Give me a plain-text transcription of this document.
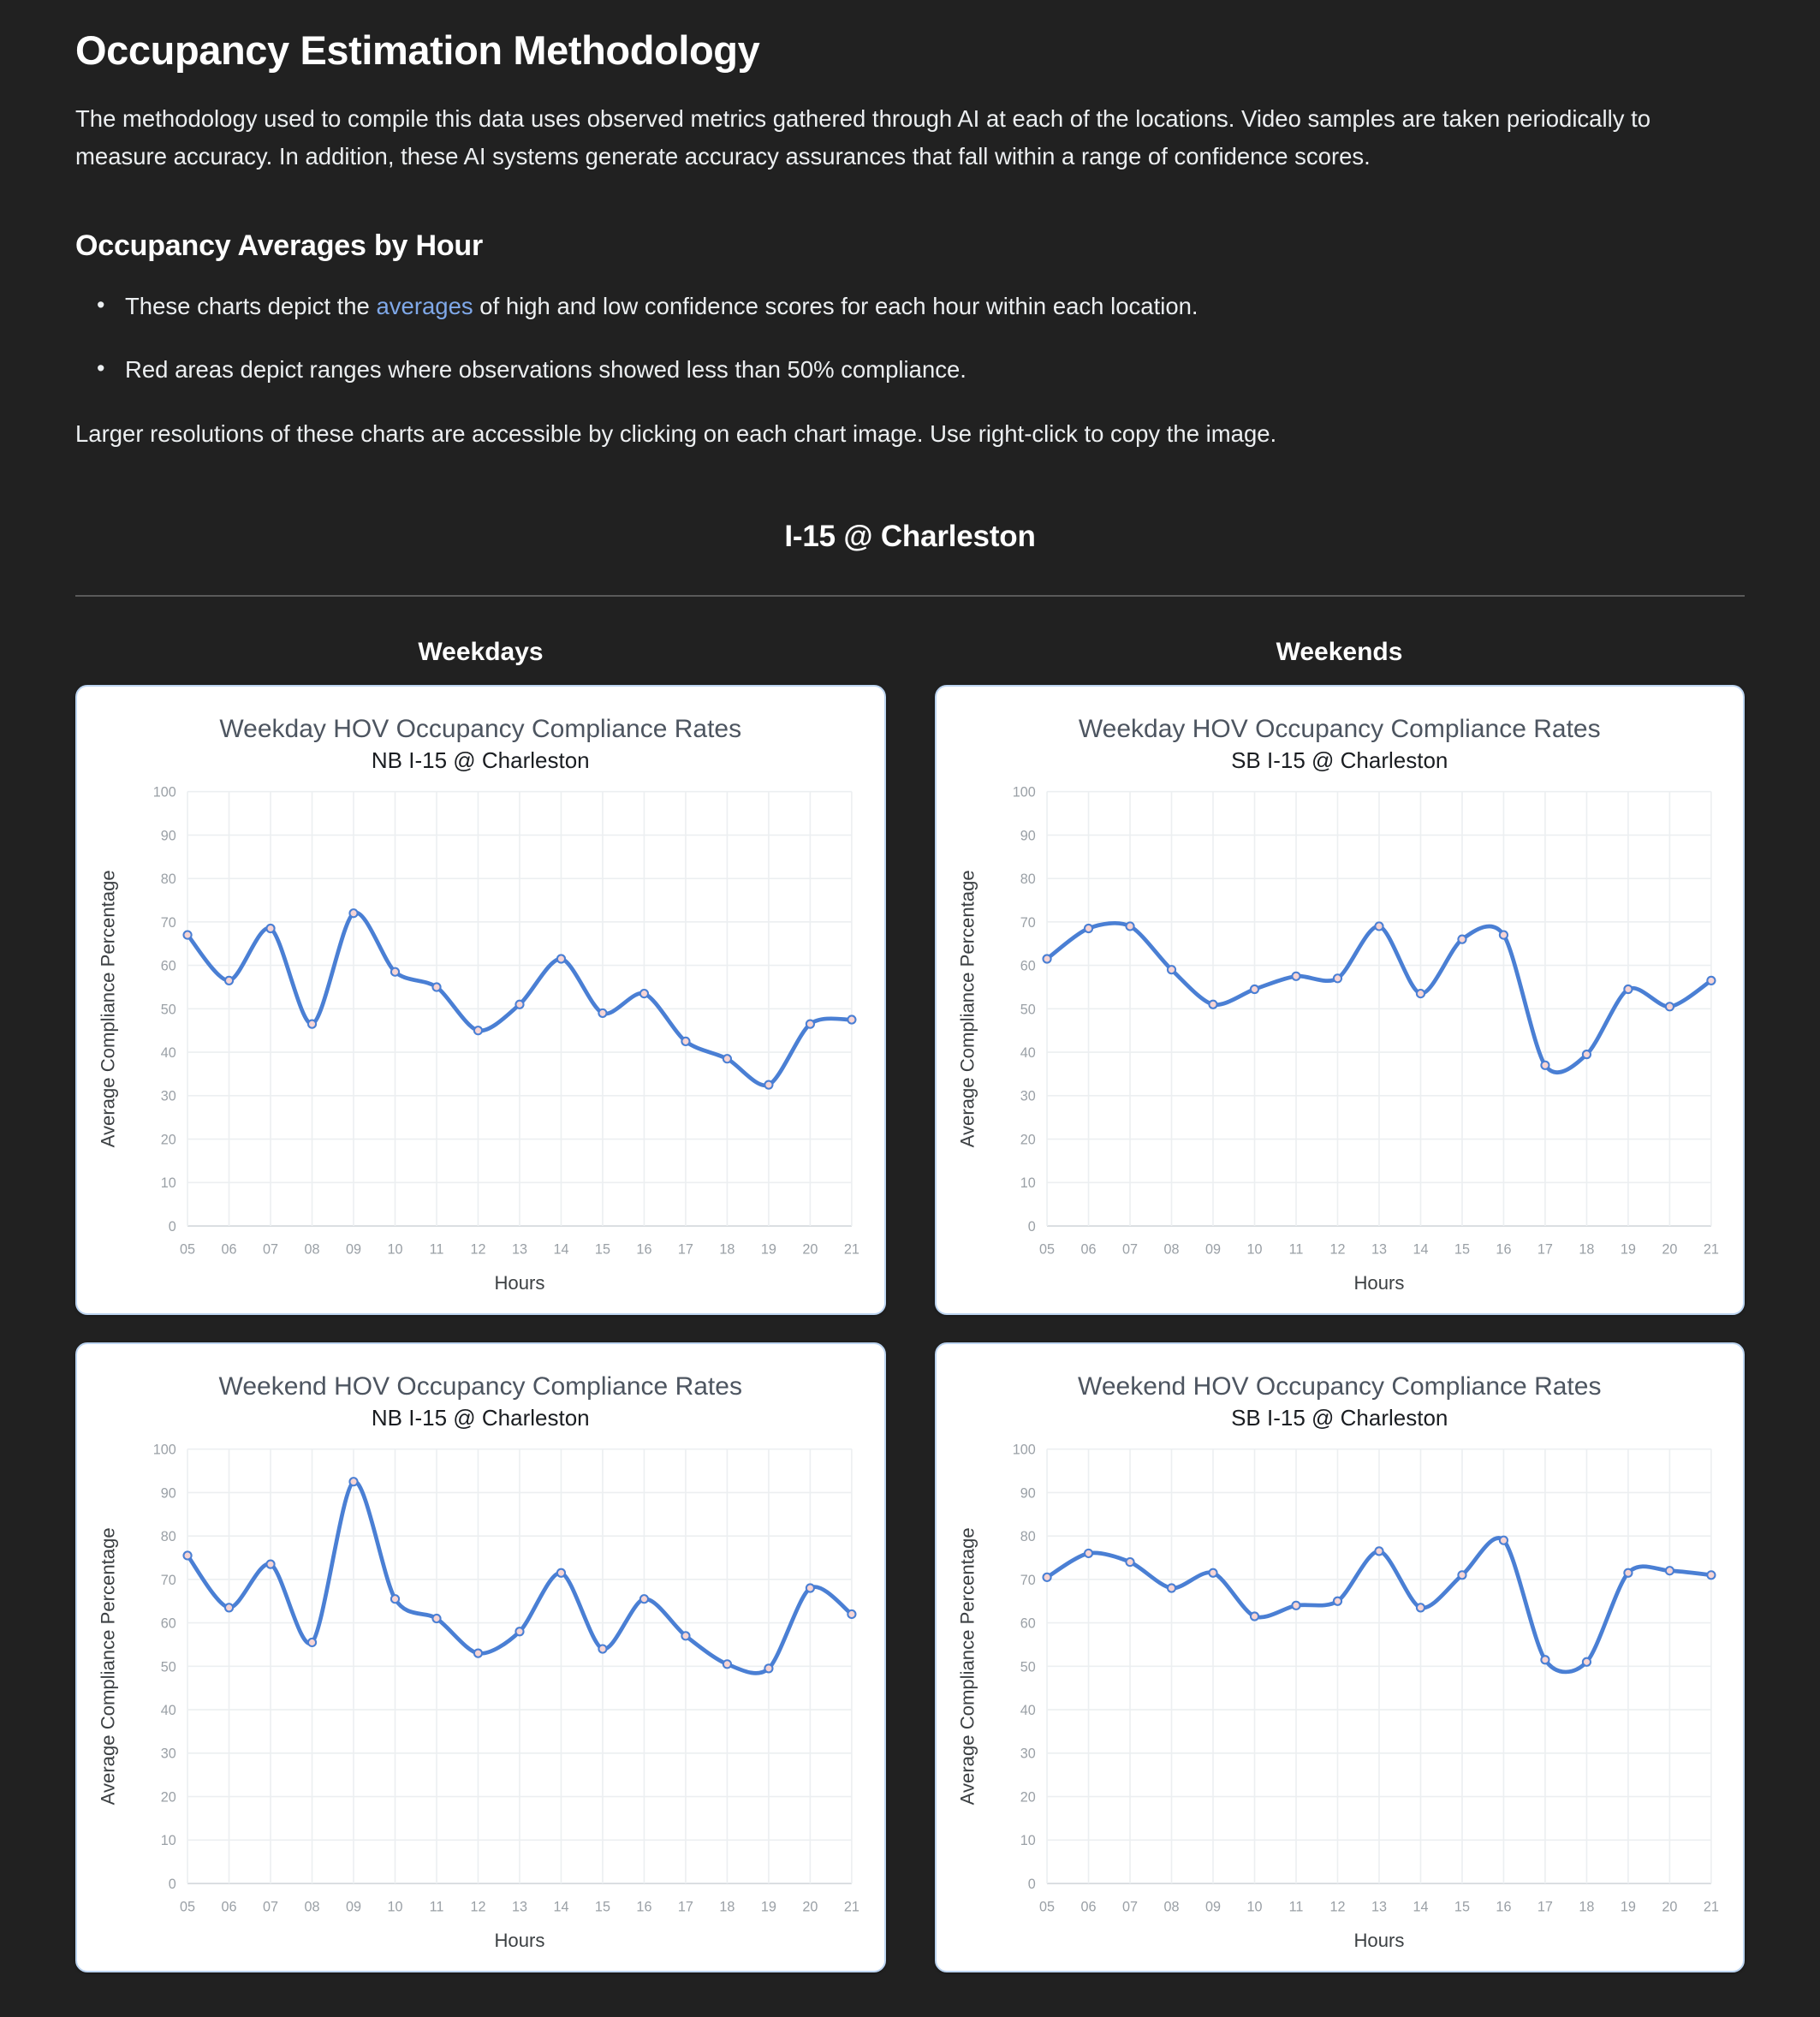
Occupancy Estimation Methodology

The methodology used to compile this data uses observed metrics gathered through AI at each of the locations. Video samples are taken periodically to measure accuracy. In addition, these AI systems generate accuracy assurances that fall within a range of confidence scores.

Occupancy Averages by Hour
• These charts depict the averages of high and low confidence scores for each hour within each location.
• Red areas depict ranges where observations showed less than 50% compliance.

Larger resolutions of these charts are accessible by clicking on each chart image. Use right-click to copy the image.

I-15 @ Charleston
Weekdays	Weekends
Weekday HOV Occupancy Compliance Rates
NB I-15 @ Charleston
0
10
20
30
40
50
60
70
80
90
100
05	06	07	08	09	10	11	12	13	14	15	16	17	18	19	20	21
Hours
Average Compliance Percentage
Weekday HOV Occupancy Compliance Rates
SB I-15 @ Charleston
0
10
20
30
40
50
60
70
80
90
100
05	06	07	08	09	10	11	12	13	14	15	16	17	18	19	20	21
Hours
Average Compliance Percentage
Weekend HOV Occupancy Compliance Rates
NB I-15 @ Charleston
0
10
20
30
40
50
60
70
80
90
100
05	06	07	08	09	10	11	12	13	14	15	16	17	18	19	20	21
Hours
Average Compliance Percentage
Weekend HOV Occupancy Compliance Rates
SB I-15 @ Charleston
0
10
20
30
40
50
60
70
80
90
100
05	06	07	08	09	10	11	12	13	14	15	16	17	18	19	20	21
Hours
Average Compliance Percentage
